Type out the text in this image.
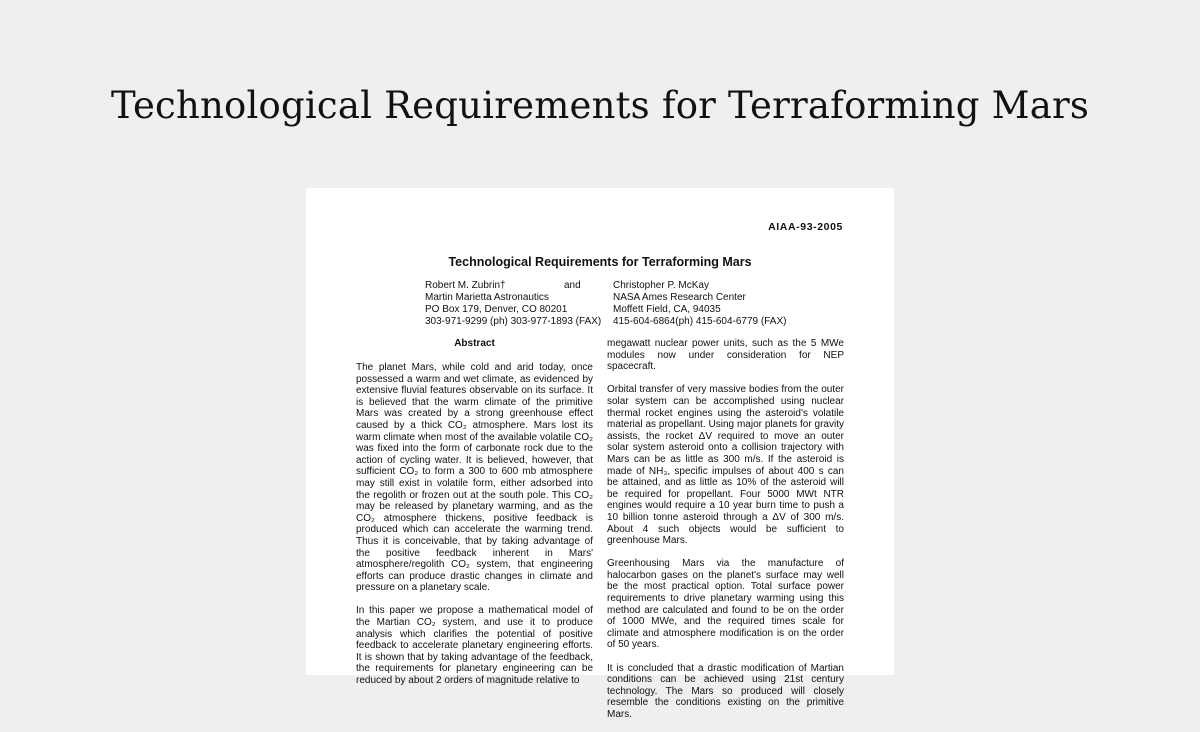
Technological Requirements for Terraforming Mars
AIAA-93-2005
Technological Requirements for Terraforming Mars
Robert M. Zubrin†
Martin Marietta Astronautics
PO Box 179, Denver, CO 80201
303-971-9299 (ph) 303-977-1893 (FAX)
and	Christopher P. McKay
NASA Ames Research Center
Moffett Field, CA, 94035
415-604-6864(ph) 415-604-6779 (FAX)
Abstract

The planet Mars, while cold and arid today, once possessed a warm and wet climate, as evidenced by extensive fluvial features observable on its surface. It is believed that the warm climate of the primitive Mars was created by a strong greenhouse effect caused by a thick CO₂ atmosphere. Mars lost its warm climate when most of the available volatile CO₂ was fixed into the form of carbonate rock due to the action of cycling water. It is believed, however, that sufficient CO₂ to form a 300 to 600 mb atmosphere may still exist in volatile form, either adsorbed into the regolith or frozen out at the south pole. This CO₂ may be released by planetary warming, and as the CO₂ atmosphere thickens, positive feedback is produced which can accelerate the warming trend. Thus it is conceivable, that by taking advantage of the positive feedback inherent in Mars' atmosphere/regolith CO₂ system, that engineering efforts can produce drastic changes in climate and pressure on a planetary scale.

In this paper we propose a mathematical model of the Martian CO₂ system, and use it to produce analysis which clarifies the potential of positive feedback to accelerate planetary engineering efforts. It is shown that by taking advantage of the feedback, the requirements for planetary engineering can be reduced by about 2 orders of magnitude relative to

megawatt nuclear power units, such as the 5 MWe modules now under consideration for NEP spacecraft.

Orbital transfer of very massive bodies from the outer solar system can be accomplished using nuclear thermal rocket engines using the asteroid's volatile material as propellant. Using major planets for gravity assists, the rocket ΔV required to move an outer solar system asteroid onto a collision trajectory with Mars can be as little as 300 m/s. If the asteroid is made of NH₃, specific impulses of about 400 s can be attained, and as little as 10% of the asteroid will be required for propellant. Four 5000 MWt NTR engines would require a 10 year burn time to push a 10 billion tonne asteroid through a ΔV of 300 m/s. About 4 such objects would be sufficient to greenhouse Mars.

Greenhousing Mars via the manufacture of halocarbon gases on the planet's surface may well be the most practical option. Total surface power requirements to drive planetary warming using this method are calculated and found to be on the order of 1000 MWe, and the required times scale for climate and atmosphere modification is on the order of 50 years.

It is concluded that a drastic modification of Martian conditions can be achieved using 21st century technology. The Mars so produced will closely resemble the conditions existing on the primitive Mars.
